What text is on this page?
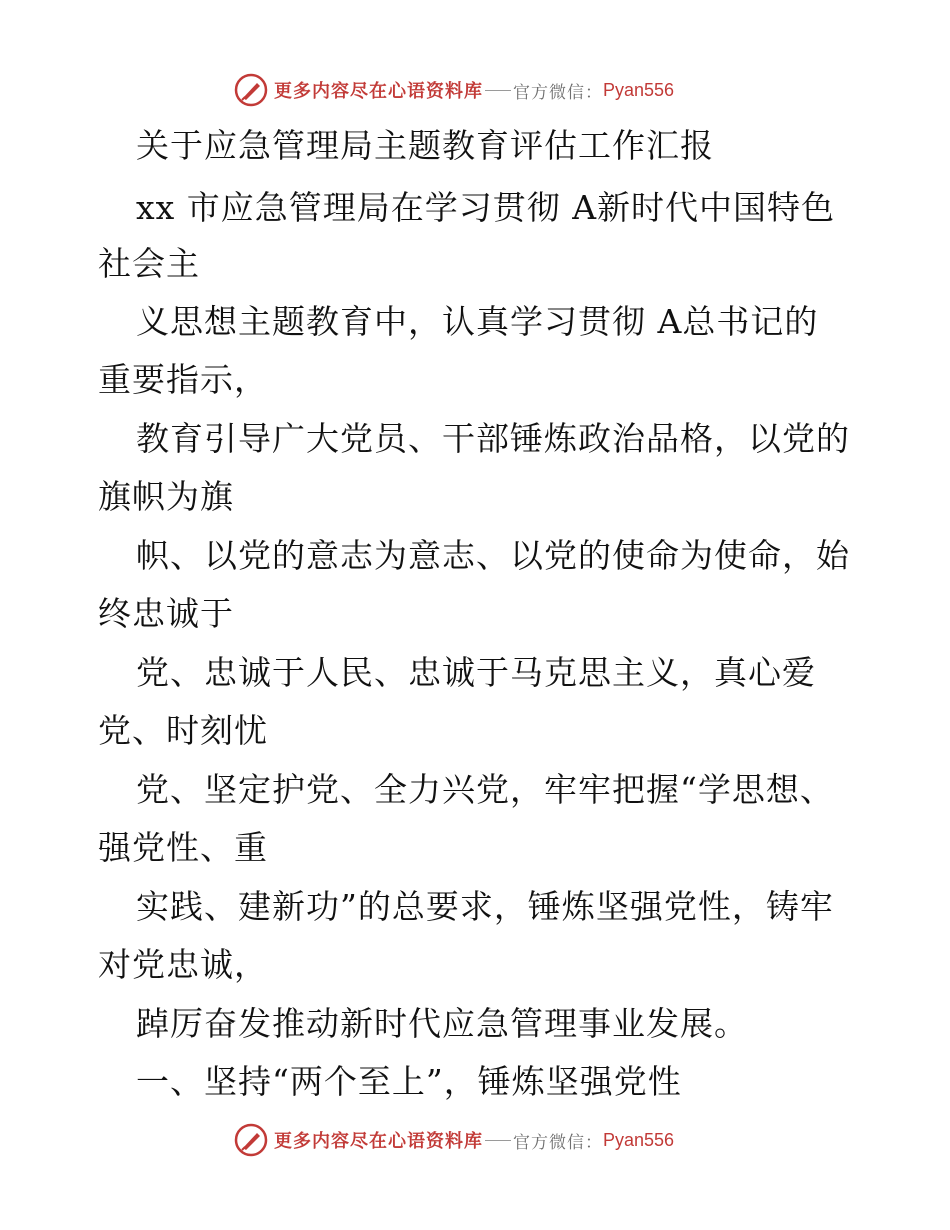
更多内容尽在心语资料库 官方微信： Pyan556
关于应急管理局主题教育评估工作汇报
xx 市应急管理局在学习贯彻 A新时代中国特色
社会主
义思想主题教育中，认真学习贯彻 A总书记的
重要指示，
教育引导广大党员、干部锤炼政治品格，以党的
旗帜为旗
帜、以党的意志为意志、以党的使命为使命，始
终忠诚于
党、忠诚于人民、忠诚于马克思主义，真心爱
党、时刻忧
党、坚定护党、全力兴党，牢牢把握“学思想、
强党性、重
实践、建新功”的总要求，锤炼坚强党性，铸牢
对党忠诚，
踔厉奋发推动新时代应急管理事业发展。
一、坚持“两个至上”，锤炼坚强党性
更多内容尽在心语资料库 官方微信： Pyan556
